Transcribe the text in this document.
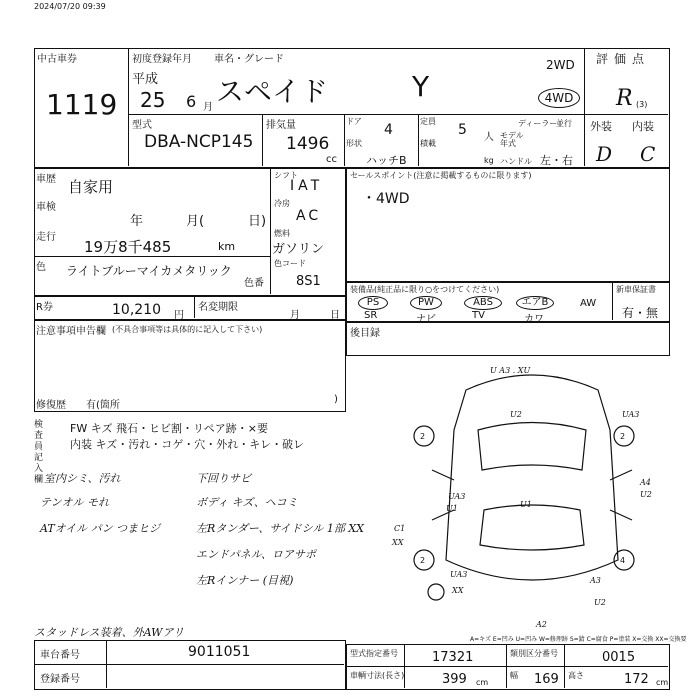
2024/07/20 09:39
中古車券
1119
初度登録年月 車名・グレード
平成
25 6 月 スペイド	Y
2WD
4WD
型式
DBA-NCP145
排気量
1496
cc
ドア
4
形状
ハッチB
定員
5 人
積載
kg
ディーラー
並行
モデル年式

ハンドル 左・右
評価点
R (3)
外装 内装
D C
車歴 自家用
車検
年	月(	日)
走行
19万8千485	km
色 ライトブルーマイカメタリック
シフト
IAT
冷房
AC
燃料
ガソリン
色コード
色番 8S1
セールスポイント(注意に掲載するものに限ります)
・4WD
R券	10,210 円
名変期限
月	日
装備品(純正品に限り○をつけてください)
PS
SR
PW
ナビ
ABS
TV
エアB
カワ
AW
新車保証書
有・無
注意事項申告欄 (不具合事項等は具体的に記入して下さい)
修復歴 有(箇所
)
後目録
検査員記入欄
FW キズ 飛石・ヒビ割・リペア跡・×要
内装 キズ・汚れ・コゲ・穴・外れ・キレ・破レ
室内シミ、汚れ
テンオル モれ
ATオイル パン つまヒジ
下回りサビ
ボディ キズ、ヘコミ
左Rタンダー、サイドシル 1部 XX
エンドパネル、ロアサポ
左Rインナー (目視)
スタッドレス装着、外AWアリ
2	2
2	4
U A3 . XU
U2
U1
UA3
A4
U2
UA3
U1
C1
XX
UA3
XX
A3
A2
U2
A=キズ E=凹み U=凹み W=修理跡 S=錆 C=腐食 P=塗装 X=交換 XX=交換要
車台番号	9011051
登録番号
型式指定番号	17321	類別区分番号	0015
車輌寸法(長さ)	399 cm
幅 169 高さ	172 cm
